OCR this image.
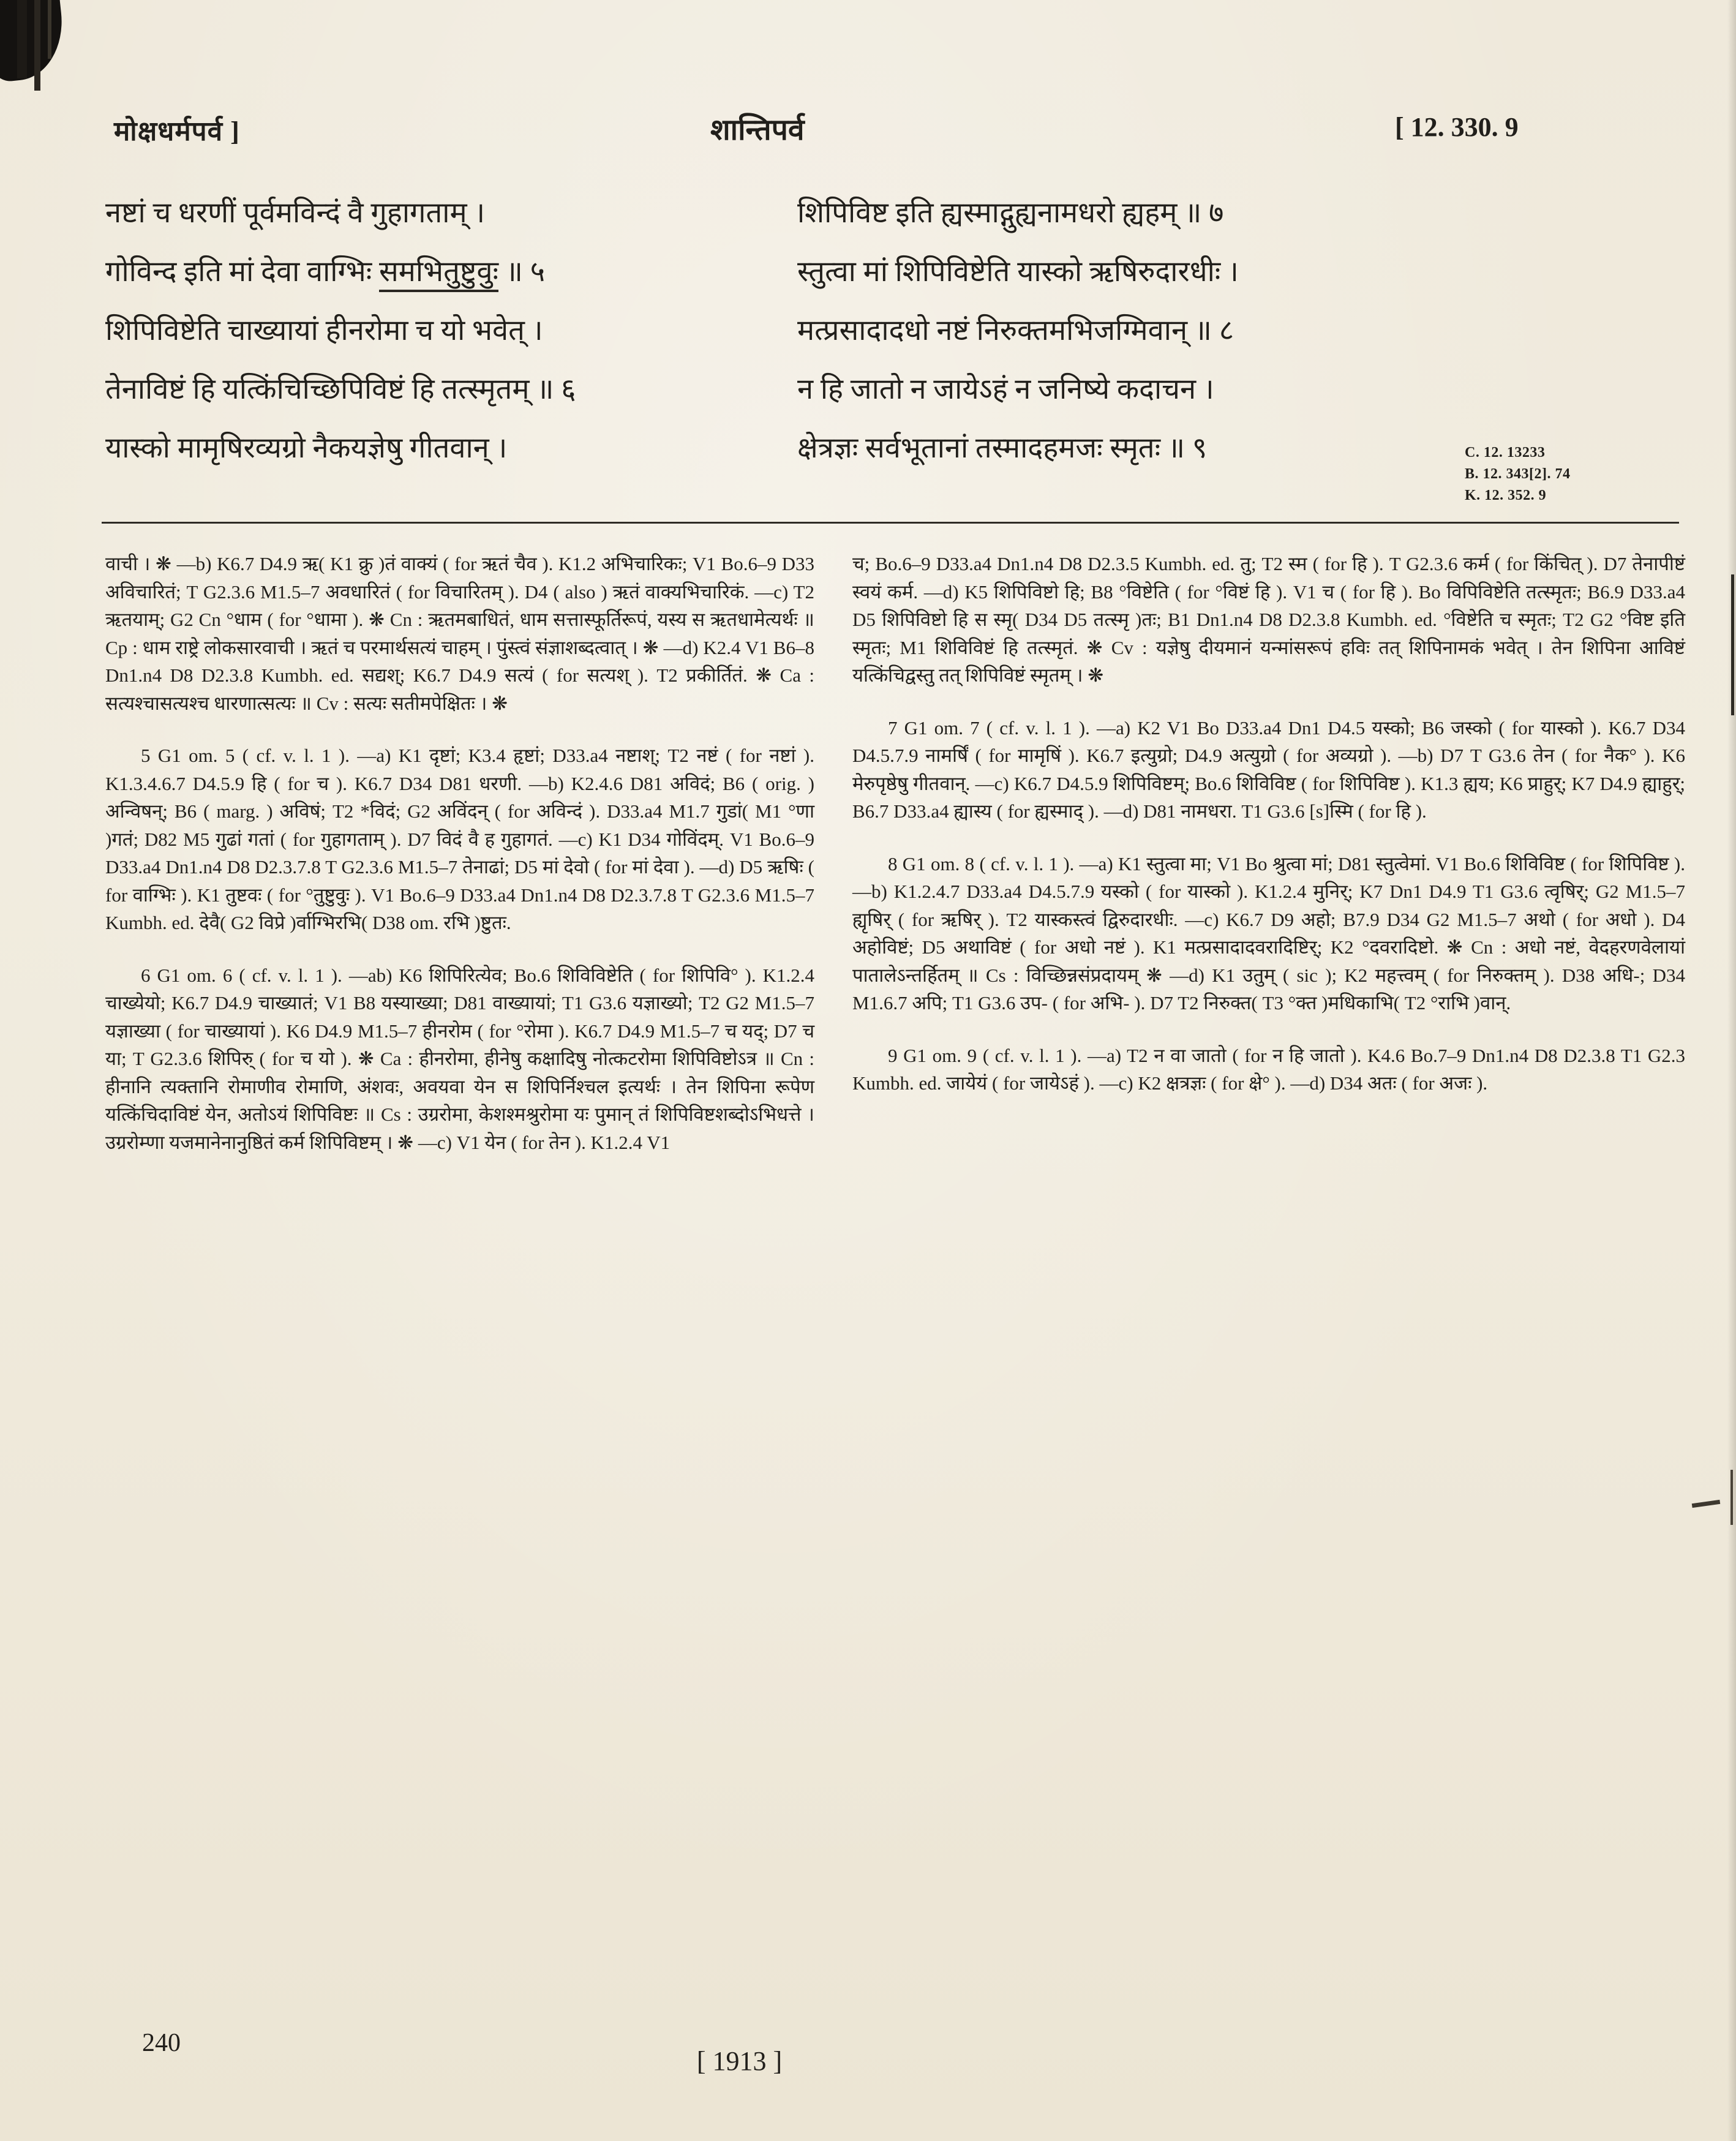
मोक्षधर्मपर्व ]	शान्तिपर्व	[ 12. 330. 9
नष्टां च धरणीं पूर्वमविन्दं वै गुहागताम् ।
गोविन्द इति मां देवा वाग्भिः समभितुष्टुवुः ॥ ५
शिपिविष्टेति चाख्यायां हीनरोमा च यो भवेत् ।
तेनाविष्टं हि यत्किंचिच्छिपिविष्टं हि तत्स्मृतम् ॥ ६
यास्को मामृषिरव्यग्रो नैकयज्ञेषु गीतवान् ।
शिपिविष्ट इति ह्यस्माद्गुह्यनामधरो ह्यहम् ॥ ७
स्तुत्वा मां शिपिविष्टेति यास्को ऋषिरुदारधीः ।
मत्प्रसादादधो नष्टं निरुक्तमभिजग्मिवान् ॥ ८
न हि जातो न जायेऽहं न जनिष्ये कदाचन ।
क्षेत्रज्ञः सर्वभूतानां तस्मादहमजः स्मृतः ॥ ९	C. 12. 13233
B. 12. 343[2]. 74
K. 12. 352. 9

वाची । ❋ —b) K6.7 D4.9 ऋ( K1 क्रु )तं वाक्यं ( for ऋतं चैव ). K1.2 अभिचारिकः; V1 Bo.6–9 D33 अविचारितं; T G2.3.6 M1.5–7 अवधारितं ( for विचारितम् ). D4 ( also ) ऋतं वाक्यभिचारिकं. —c) T2 ऋतयाम्; G2 Cn °धाम ( for °धामा ). ❋ Cn : ऋतमबाधितं, धाम सत्तास्फूर्तिरूपं, यस्य स ऋतधामेत्यर्थः ॥ Cp : धाम राष्ट्रे लोकसारवाची । ऋतं च परमार्थसत्यं चाहम् । पुंस्त्वं संज्ञाशब्दत्वात् । ❋ —d) K2.4 V1 B6–8 Dn1.n4 D8 D2.3.8 Kumbh. ed. सद्यश्; K6.7 D4.9 सत्यं ( for सत्यश् ). T2 प्रकीर्तितं. ❋ Ca : सत्यश्चासत्यश्च धारणात्सत्यः ॥ Cv : सत्यः सतीमपेक्षितः । ❋

5 G1 om. 5 ( cf. v. l. 1 ). —a) K1 दृष्टां; K3.4 हृष्टां; D33.a4 नष्टाश्; T2 नष्टं ( for नष्टां ). K1.3.4.6.7 D4.5.9 हि ( for च ). K6.7 D34 D81 धरणी. —b) K2.4.6 D81 अविदं; B6 ( orig. ) अन्विषन्; B6 ( marg. ) अविषं; T2 *विदं; G2 अविंदन् ( for अविन्दं ). D33.a4 M1.7 गुडां( M1 °णा )गतं; D82 M5 गुढां गतां ( for गुहागताम् ). D7 विदं वै ह गुहागतं. —c) K1 D34 गोविंदम्. V1 Bo.6–9 D33.a4 Dn1.n4 D8 D2.3.7.8 T G2.3.6 M1.5–7 तेनाढां; D5 मां देवो ( for मां देवा ). —d) D5 ऋषिः ( for वाग्भिः ). K1 तुष्टवः ( for °तुष्टुवुः ). V1 Bo.6–9 D33.a4 Dn1.n4 D8 D2.3.7.8 T G2.3.6 M1.5–7 Kumbh. ed. देवै( G2 विप्रे )र्वाग्भिरभि( D38 om. रभि )ष्टुतः.

6 G1 om. 6 ( cf. v. l. 1 ). —ab) K6 शिपिरित्येव; Bo.6 शिविविष्टेति ( for शिपिवि° ). K1.2.4 चाख्येयो; K6.7 D4.9 चाख्यातं; V1 B8 यस्याख्या; D81 वाख्यायां; T1 G3.6 यज्ञाख्यो; T2 G2 M1.5–7 यज्ञाख्या ( for चाख्यायां ). K6 D4.9 M1.5–7 हीनरोम ( for °रोमा ). K6.7 D4.9 M1.5–7 च यद्; D7 च या; T G2.3.6 शिपिरु् ( for च यो ). ❋ Ca : हीनरोमा, हीनेषु कक्षादिषु नोत्कटरोमा शिपिविष्टोऽत्र ॥ Cn : हीनानि त्यक्तानि रोमाणीव रोमाणि, अंशवः, अवयवा येन स शिपिर्निश्चल इत्यर्थः । तेन शिपिना रूपेण यत्किंचिदाविष्टं येन, अतोऽयं शिपिविष्टः ॥ Cs : उग्ररोमा, केशश्मश्रुरोमा यः पुमान् तं शिपिविष्टशब्दोऽभिधत्ते । उग्ररोम्णा यजमानेनानुष्ठितं कर्म शिपिविष्टम् । ❋ —c) V1 येन ( for तेन ). K1.2.4 V1

च; Bo.6–9 D33.a4 Dn1.n4 D8 D2.3.5 Kumbh. ed. तु; T2 स्म ( for हि ). T G2.3.6 कर्म ( for किंचित् ). D7 तेनापीष्टं स्वयं कर्म. —d) K5 शिपिविष्टो हि; B8 °विष्टेति ( for °विष्टं हि ). V1 च ( for हि ). Bo विपिविष्टेति तत्स्मृतः; B6.9 D33.a4 D5 शिपिविष्टो हि स स्मृ( D34 D5 तत्स्मृ )तः; B1 Dn1.n4 D8 D2.3.8 Kumbh. ed. °विष्टेति च स्मृतः; T2 G2 °विष्ट इति स्मृतः; M1 शिविविष्टं हि तत्स्मृतं. ❋ Cv : यज्ञेषु दीयमानं यन्मांसरूपं हविः तत् शिपिनामकं भवेत् । तेन शिपिना आविष्टं यत्किंचिद्वस्तु तत् शिपिविष्टं स्मृतम् । ❋

7 G1 om. 7 ( cf. v. l. 1 ). —a) K2 V1 Bo D33.a4 Dn1 D4.5 यस्को; B6 जस्को ( for यास्को ). K6.7 D34 D4.5.7.9 नामर्षिं ( for मामृषिं ). K6.7 इत्युग्रो; D4.9 अत्युग्रो ( for अव्यग्रो ). —b) D7 T G3.6 तेन ( for नैक° ). K6 मेरुपृष्ठेषु गीतवान्. —c) K6.7 D4.5.9 शिपिविष्टम्; Bo.6 शिविविष्ट ( for शिपिविष्ट ). K1.3 ह्यय; K6 प्राहुर्; K7 D4.9 ह्याहुर्; B6.7 D33.a4 ह्यास्य ( for ह्यस्माद् ). —d) D81 नामधरा. T1 G3.6 [s]स्मि ( for हि ).

8 G1 om. 8 ( cf. v. l. 1 ). —a) K1 स्तुत्वा मा; V1 Bo श्रुत्वा मां; D81 स्तुत्वेमां. V1 Bo.6 शिविविष्ट ( for शिपिविष्ट ). —b) K1.2.4.7 D33.a4 D4.5.7.9 यस्को ( for यास्को ). K1.2.4 मुनिर्; K7 Dn1 D4.9 T1 G3.6 त्वृषिर्; G2 M1.5–7 ह्यृषिर् ( for ऋषिर् ). T2 यास्कस्त्वं द्विरुदारधीः. —c) K6.7 D9 अहो; B7.9 D34 G2 M1.5–7 अथो ( for अधो ). D4 अहोविष्टं; D5 अथाविष्टं ( for अधो नष्टं ). K1 मत्प्रसादादवरादिष्टिर्; K2 °दवरादिष्टो. ❋ Cn : अधो नष्टं, वेदहरणवेलायां पातालेऽन्तर्हितम् ॥ Cs : विच्छिन्नसंप्रदायम् ❋ —d) K1 उतुम् ( sic ); K2 महत्त्वम् ( for निरुक्तम् ). D38 अधि-; D34 M1.6.7 अपि; T1 G3.6 उप- ( for अभि- ). D7 T2 निरुक्त( T3 °क्त )मधिकाभि( T2 °राभि )वान्.

9 G1 om. 9 ( cf. v. l. 1 ). —a) T2 न वा जातो ( for न हि जातो ). K4.6 Bo.7–9 Dn1.n4 D8 D2.3.8 T1 G2.3 Kumbh. ed. जायेयं ( for जायेऽहं ). —c) K2 क्षत्रज्ञः ( for क्षे° ). —d) D34 अतः ( for अजः ).

240
[ 1913 ]
